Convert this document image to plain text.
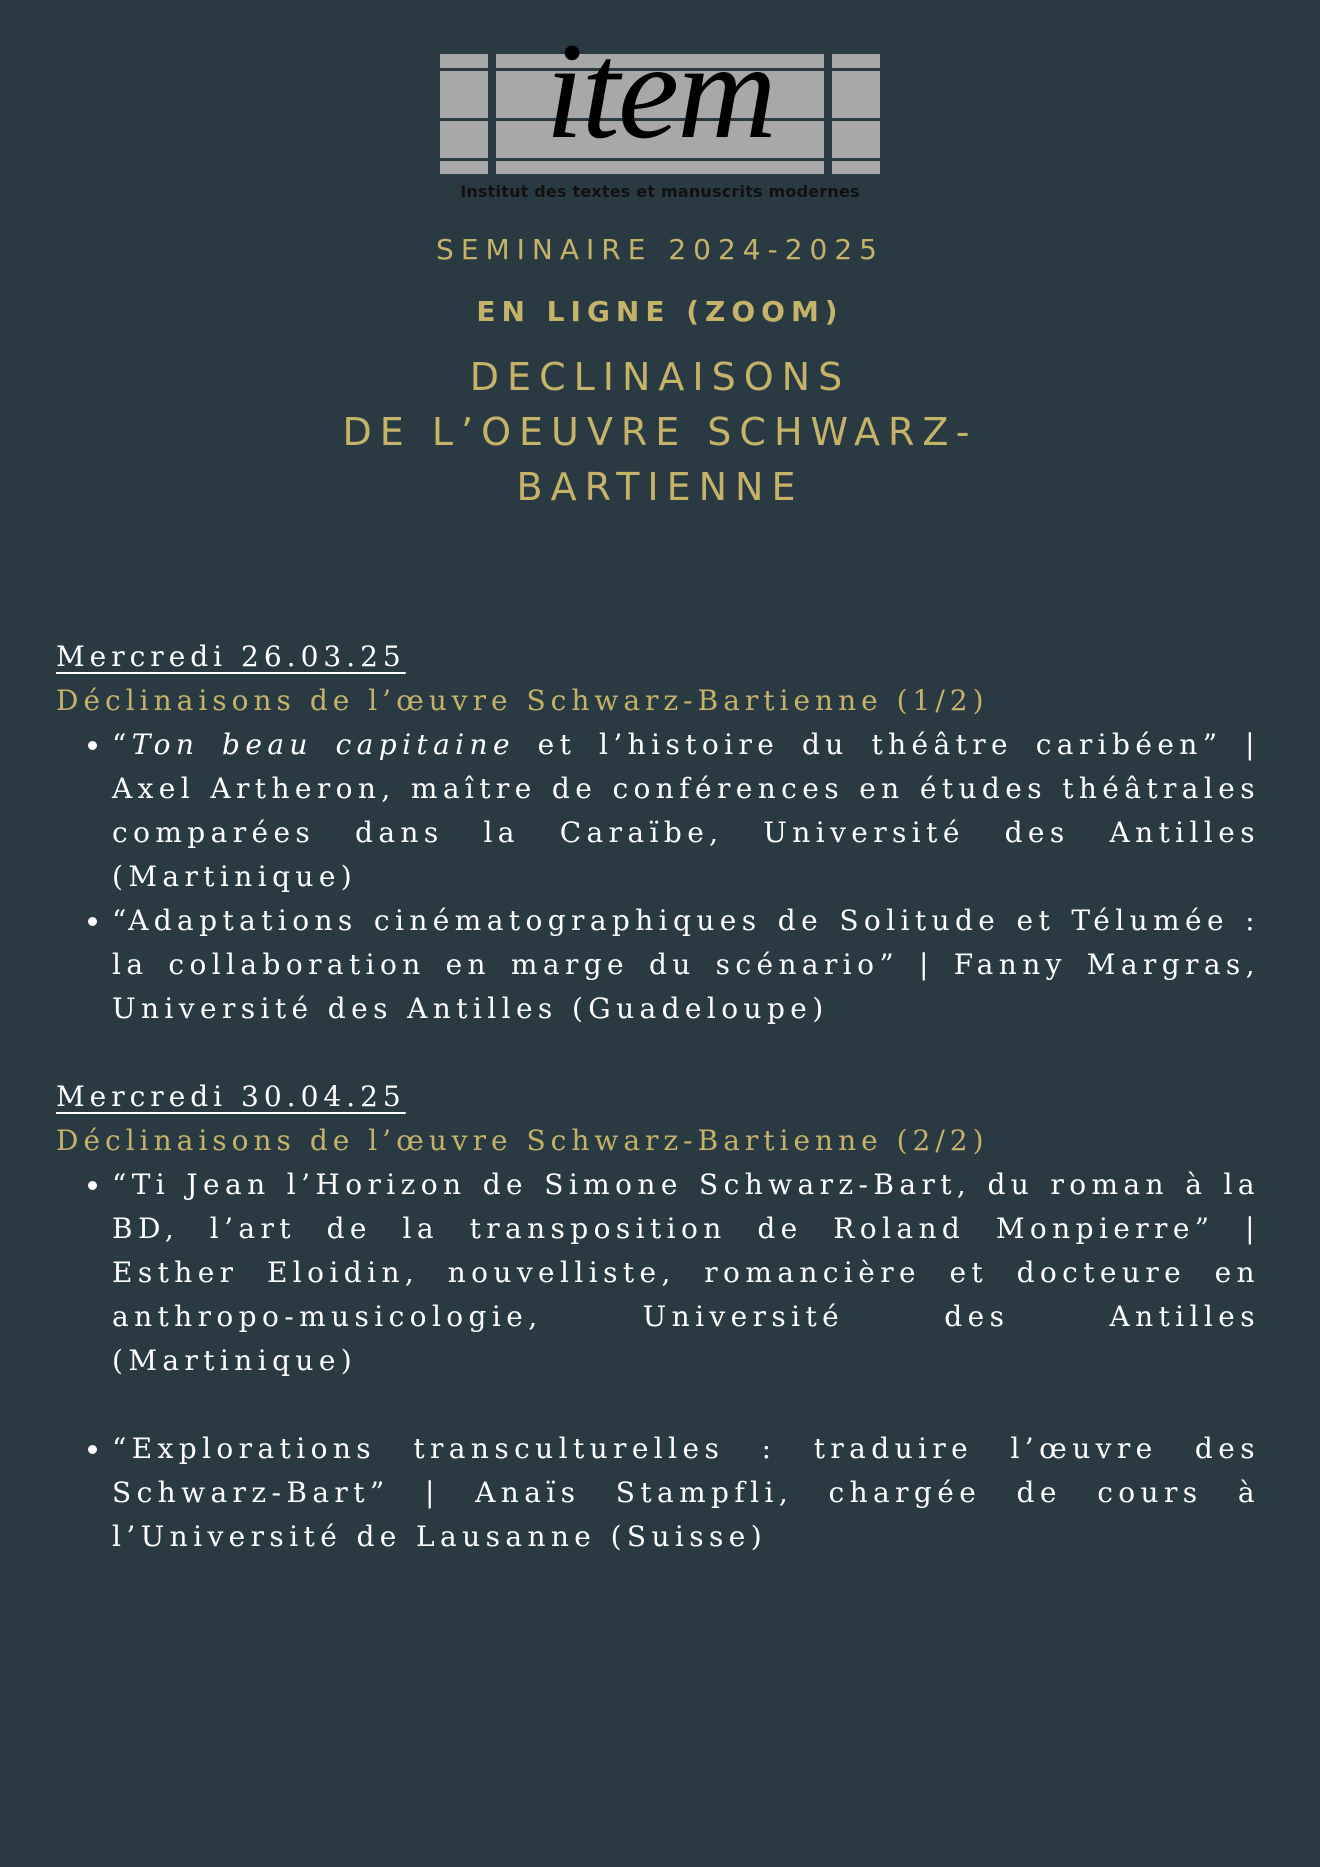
item
Institut des textes et manuscrits modernes
SEMINAIRE 2024-2025
EN LIGNE (ZOOM)
DECLINAISONS
DE L’OEUVRE SCHWARZ-
BARTIENNE
Mercredi 26.03.25
Déclinaisons de l’œuvre Schwarz-Bartienne (1/2)
• “Ton beau capitaine et l’histoire du théâtre caribéen” | Axel Artheron, maître de conférences en études théâtrales comparées dans la Caraïbe, Université des Antilles (Martinique)
• “Adaptations cinématographiques de Solitude et Télumée : la collaboration en marge du scénario” | Fanny Margras, Université des Antilles (Guadeloupe)
Mercredi 30.04.25
Déclinaisons de l’œuvre Schwarz-Bartienne (2/2)
• “Ti Jean l’Horizon de Simone Schwarz-Bart, du roman à la BD, l’art de la transposition de Roland Monpierre” | Esther Eloidin, nouvelliste, romancière et docteure en anthropo-musicologie, Université des Antilles (Martinique)
• “Explorations transculturelles : traduire l’œuvre des Schwarz-Bart” | Anaïs Stampfli, chargée de cours à l’Université de Lausanne (Suisse)
